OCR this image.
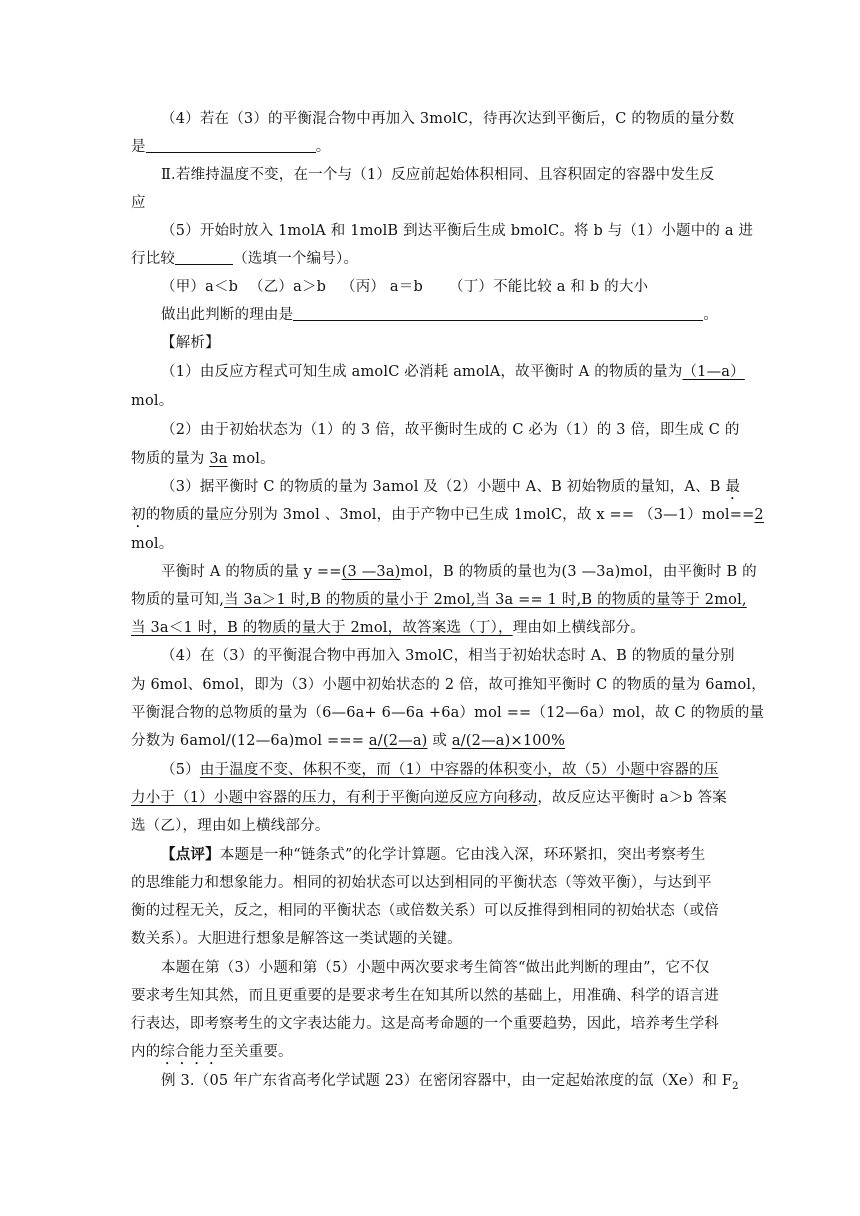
（4）若在（3）的平衡混合物中再加入 3molC，待再次达到平衡后，C 的物质的量分数
是	。
Ⅱ.若维持温度不变，在一个与（1）反应前起始体积相同、且容积固定的容器中发生反
应
（5）开始时放入 1molA 和 1molB 到达平衡后生成 bmolC。将 b 与（1）小题中的 a 进
行比较	（选填一个编号）。
（甲）a＜b （乙）a＞b （丙） a＝b （丁）不能比较 a 和 b 的大小
做出此判断的理由是	。
【解析】
（1）由反应方程式可知生成 amolC 必消耗 amolA，故平衡时 A 的物质的量为（1—a）
mol。
（2）由于初始状态为（1）的 3 倍，故平衡时生成的 C 必为（1）的 3 倍，即生成 C 的
物质的量为 3a mol。
（3）据平衡时 C 的物质的量为 3amol 及（2）小题中 A、B 初始物质的量知，A、B 最
初的物质的量应分别为 3mol 、3mol，由于产物中已生成 1molC，故 x == （3—1）mol==2
mol。
平衡时 A 的物质的量 y ==(3 —3a)mol，B 的物质的量也为(3 —3a)mol，由平衡时 B 的
物质的量可知,当 3a＞1 时,B 的物质的量小于 2mol,当 3a == 1 时,B 的物质的量等于 2mol,
当 3a＜1 时，B 的物质的量大于 2mol，故答案选（丁），理由如上横线部分。
（4）在（3）的平衡混合物中再加入 3molC，相当于初始状态时 A、B 的物质的量分别
为 6mol、6mol，即为（3）小题中初始状态的 2 倍，故可推知平衡时 C 的物质的量为 6amol，
平衡混合物的总物质的量为（6—6a+ 6—6a +6a）mol ==（12—6a）mol，故 C 的物质的量
分数为 6amol/(12—6a)mol === a/(2—a) 或 a/(2—a)×100%
（5）由于温度不变、体积不变，而（1）中容器的体积变小，故（5）小题中容器的压
力小于（1）小题中容器的压力，有利于平衡向逆反应方向移动，故反应达平衡时 a＞b 答案
选（乙），理由如上横线部分。
【点评】本题是一种“链条式”的化学计算题。它由浅入深，环环紧扣，突出考察考生
的思维能力和想象能力。相同的初始状态可以达到相同的平衡状态（等效平衡），与达到平
衡的过程无关，反之，相同的平衡状态（或倍数关系）可以反推得到相同的初始状态（或倍
数关系）。大胆进行想象是解答这一类试题的关键。
本题在第（3）小题和第（5）小题中两次要求考生简答“做出此判断的理由”，它不仅
要求考生知其然，而且更重要的是要求考生在知其所以然的基础上，用准确、科学的语言进
行表达，即考察考生的文字表达能力。这是高考命题的一个重要趋势，因此，培养考生学科
内的综合能力至关重要。
例 3.（05 年广东省高考化学试题 23）在密闭容器中，由一定起始浓度的氙（Xe）和 $F_2$
